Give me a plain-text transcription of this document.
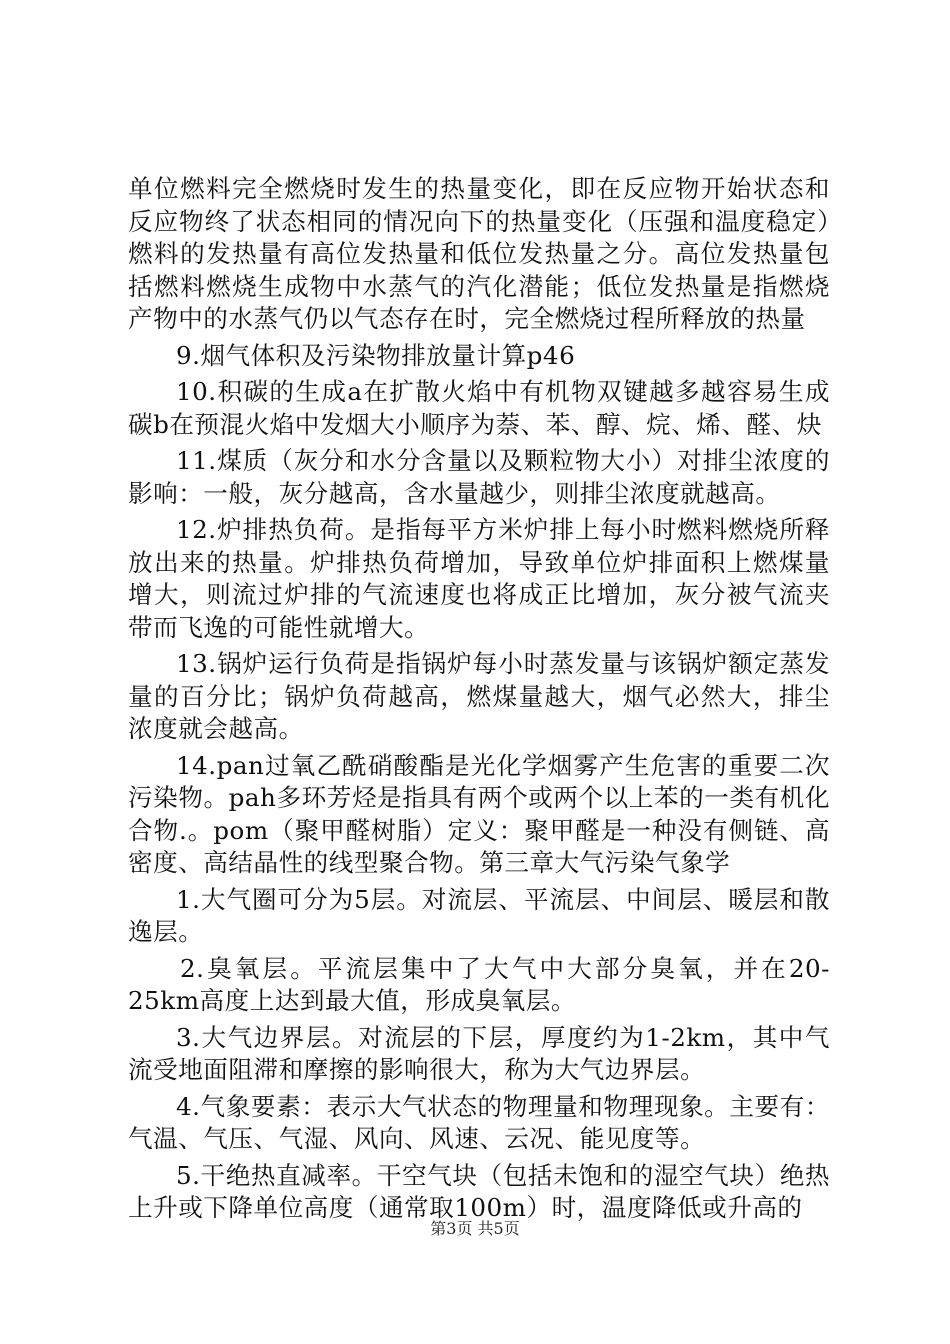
单位燃料完全燃烧时发生的热量变化，即在反应物开始状态和反应物终了状态相同的情况向下的热量变化（压强和温度稳定）燃料的发热量有高位发热量和低位发热量之分。高位发热量包括燃料燃烧生成物中水蒸气的汽化潜能；低位发热量是指燃烧产物中的水蒸气仍以气态存在时，完全燃烧过程所释放的热量

9.烟气体积及污染物排放量计算p46

10.积碳的生成a在扩散火焰中有机物双键越多越容易生成碳b在预混火焰中发烟大小顺序为萘、苯、醇、烷、烯、醛、炔

11.煤质（灰分和水分含量以及颗粒物大小）对排尘浓度的影响：一般，灰分越高，含水量越少，则排尘浓度就越高。

12.炉排热负荷。是指每平方米炉排上每小时燃料燃烧所释放出来的热量。炉排热负荷增加，导致单位炉排面积上燃煤量增大，则流过炉排的气流速度也将成正比增加，灰分被气流夹带而飞逸的可能性就增大。

13.锅炉运行负荷是指锅炉每小时蒸发量与该锅炉额定蒸发量的百分比；锅炉负荷越高，燃煤量越大，烟气必然大，排尘浓度就会越高。

14.pan过氧乙酰硝酸酯是光化学烟雾产生危害的重要二次污染物。pah多环芳烃是指具有两个或两个以上苯的一类有机化合物.。pom（聚甲醛树脂）定义：聚甲醛是一种没有侧链、高密度、高结晶性的线型聚合物。第三章大气污染气象学

1.大气圈可分为5层。对流层、平流层、中间层、暖层和散逸层。

2.臭氧层。平流层集中了大气中大部分臭氧，并在20-25km高度上达到最大值，形成臭氧层。

3.大气边界层。对流层的下层，厚度约为1-2km，其中气流受地面阻滞和摩擦的影响很大，称为大气边界层。

4.气象要素：表示大气状态的物理量和物理现象。主要有：气温、气压、气湿、风向、风速、云况、能见度等。

5.干绝热直减率。干空气块（包括未饱和的湿空气块）绝热上升或下降单位高度（通常取100m）时，温度降低或升高的

第3页 共5页
